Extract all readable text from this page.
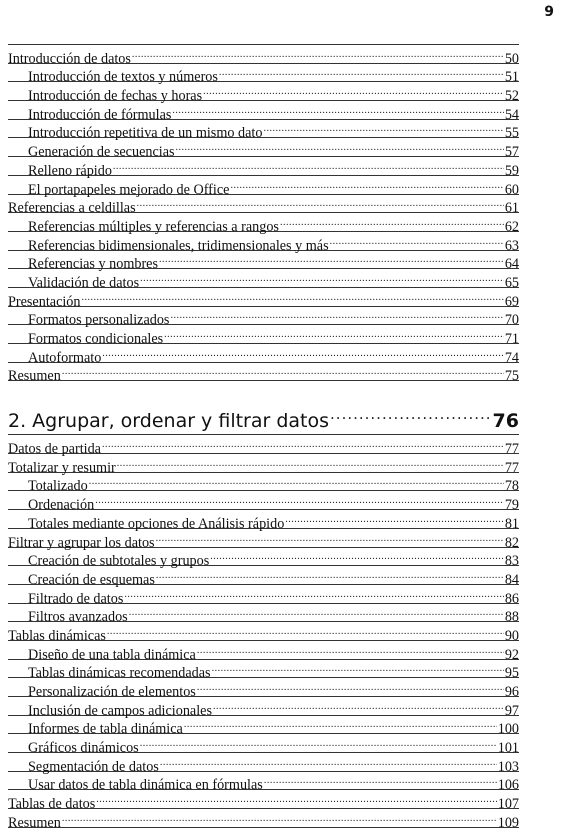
9
Introducción de datos .....	50
Introducción de textos y números .....	51
Introducción de fechas y horas .....	52
Introducción de fórmulas .....	54
Introducción repetitiva de un mismo dato .....	55
Generación de secuencias .....	57
Relleno rápido .....	59
El portapapeles mejorado de Office .....	60
Referencias a celdillas .....	61
Referencias múltiples y referencias a rangos .....	62
Referencias bidimensionales, tridimensionales y más .....	63
Referencias y nombres .....	64
Validación de datos .....	65
Presentación .....	69
Formatos personalizados .....	70
Formatos condicionales .....	71
Autoformato .....	74
Resumen .....	75
2. Agrupar, ordenar y filtrar datos .....	76
Datos de partida .....	77
Totalizar y resumir .....	77
Totalizado .....	78
Ordenación .....	79
Totales mediante opciones de Análisis rápido .....	81
Filtrar y agrupar los datos .....	82
Creación de subtotales y grupos .....	83
Creación de esquemas .....	84
Filtrado de datos .....	86
Filtros avanzados .....	88
Tablas dinámicas .....	90
Diseño de una tabla dinámica .....	92
Tablas dinámicas recomendadas .....	95
Personalización de elementos .....	96
Inclusión de campos adicionales .....	97
Informes de tabla dinámica .....	100
Gráficos dinámicos .....	101
Segmentación de datos .....	103
Usar datos de tabla dinámica en fórmulas .....	106
Tablas de datos .....	107
Resumen .....	109
